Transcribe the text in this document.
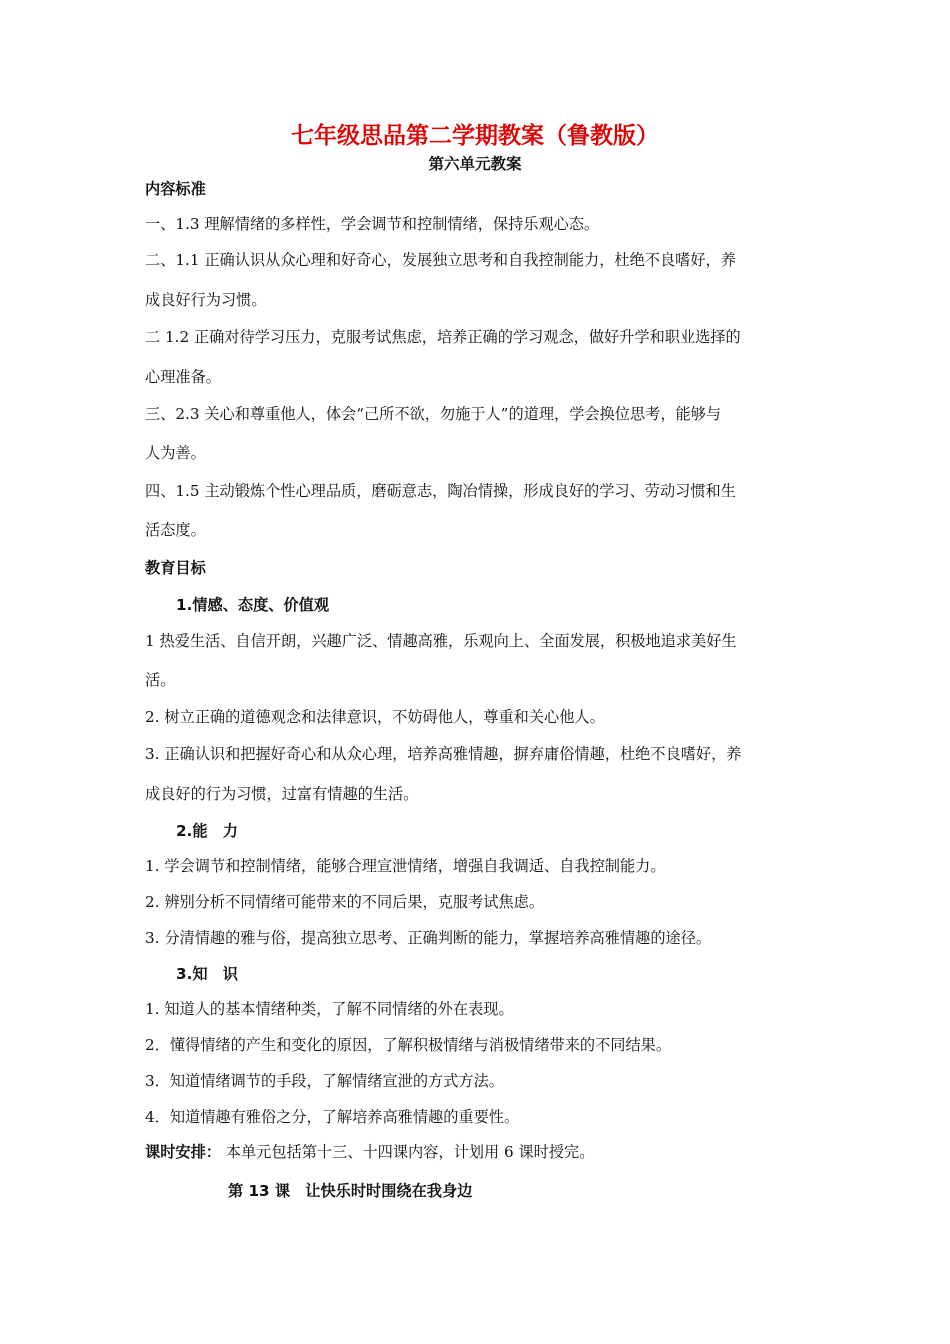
七年级思品第二学期教案（鲁教版）
第六单元教案
内容标准
一、1.3 理解情绪的多样性，学会调节和控制情绪，保持乐观心态。
二、1.1 正确认识从众心理和好奇心，发展独立思考和自我控制能力，杜绝不良嗜好，养
成良好行为习惯。
二 1.2 正确对待学习压力，克服考试焦虑，培养正确的学习观念，做好升学和职业选择的
心理准备。
三、2.3 关心和尊重他人，体会“己所不欲，勿施于人”的道理，学会换位思考，能够与
人为善。
四、1.5 主动锻炼个性心理品质，磨砺意志，陶冶情操，形成良好的学习、劳动习惯和生
活态度。
教育目标
1.情感、态度、价值观
1 热爱生活、自信开朗，兴趣广泛、情趣高雅，乐观向上、全面发展，积极地追求美好生
活。
2. 树立正确的道德观念和法律意识，不妨碍他人，尊重和关心他人。
3. 正确认识和把握好奇心和从众心理，培养高雅情趣，摒弃庸俗情趣，杜绝不良嗜好，养
成良好的行为习惯，过富有情趣的生活。
2.能　力
1. 学会调节和控制情绪，能够合理宣泄情绪，增强自我调适、自我控制能力。
2. 辨别分析不同情绪可能带来的不同后果，克服考试焦虑。
3. 分清情趣的雅与俗，提高独立思考、正确判断的能力，掌握培养高雅情趣的途径。
3.知　识
1. 知道人的基本情绪种类，了解不同情绪的外在表现。
2．懂得情绪的产生和变化的原因，了解积极情绪与消极情绪带来的不同结果。
3．知道情绪调节的手段，了解情绪宣泄的方式方法。
4．知道情趣有雅俗之分，了解培养高雅情趣的重要性。
课时安排： 本单元包括第十三、十四课内容，计划用 6 课时授完。
第 13 课　让快乐时时围绕在我身边
